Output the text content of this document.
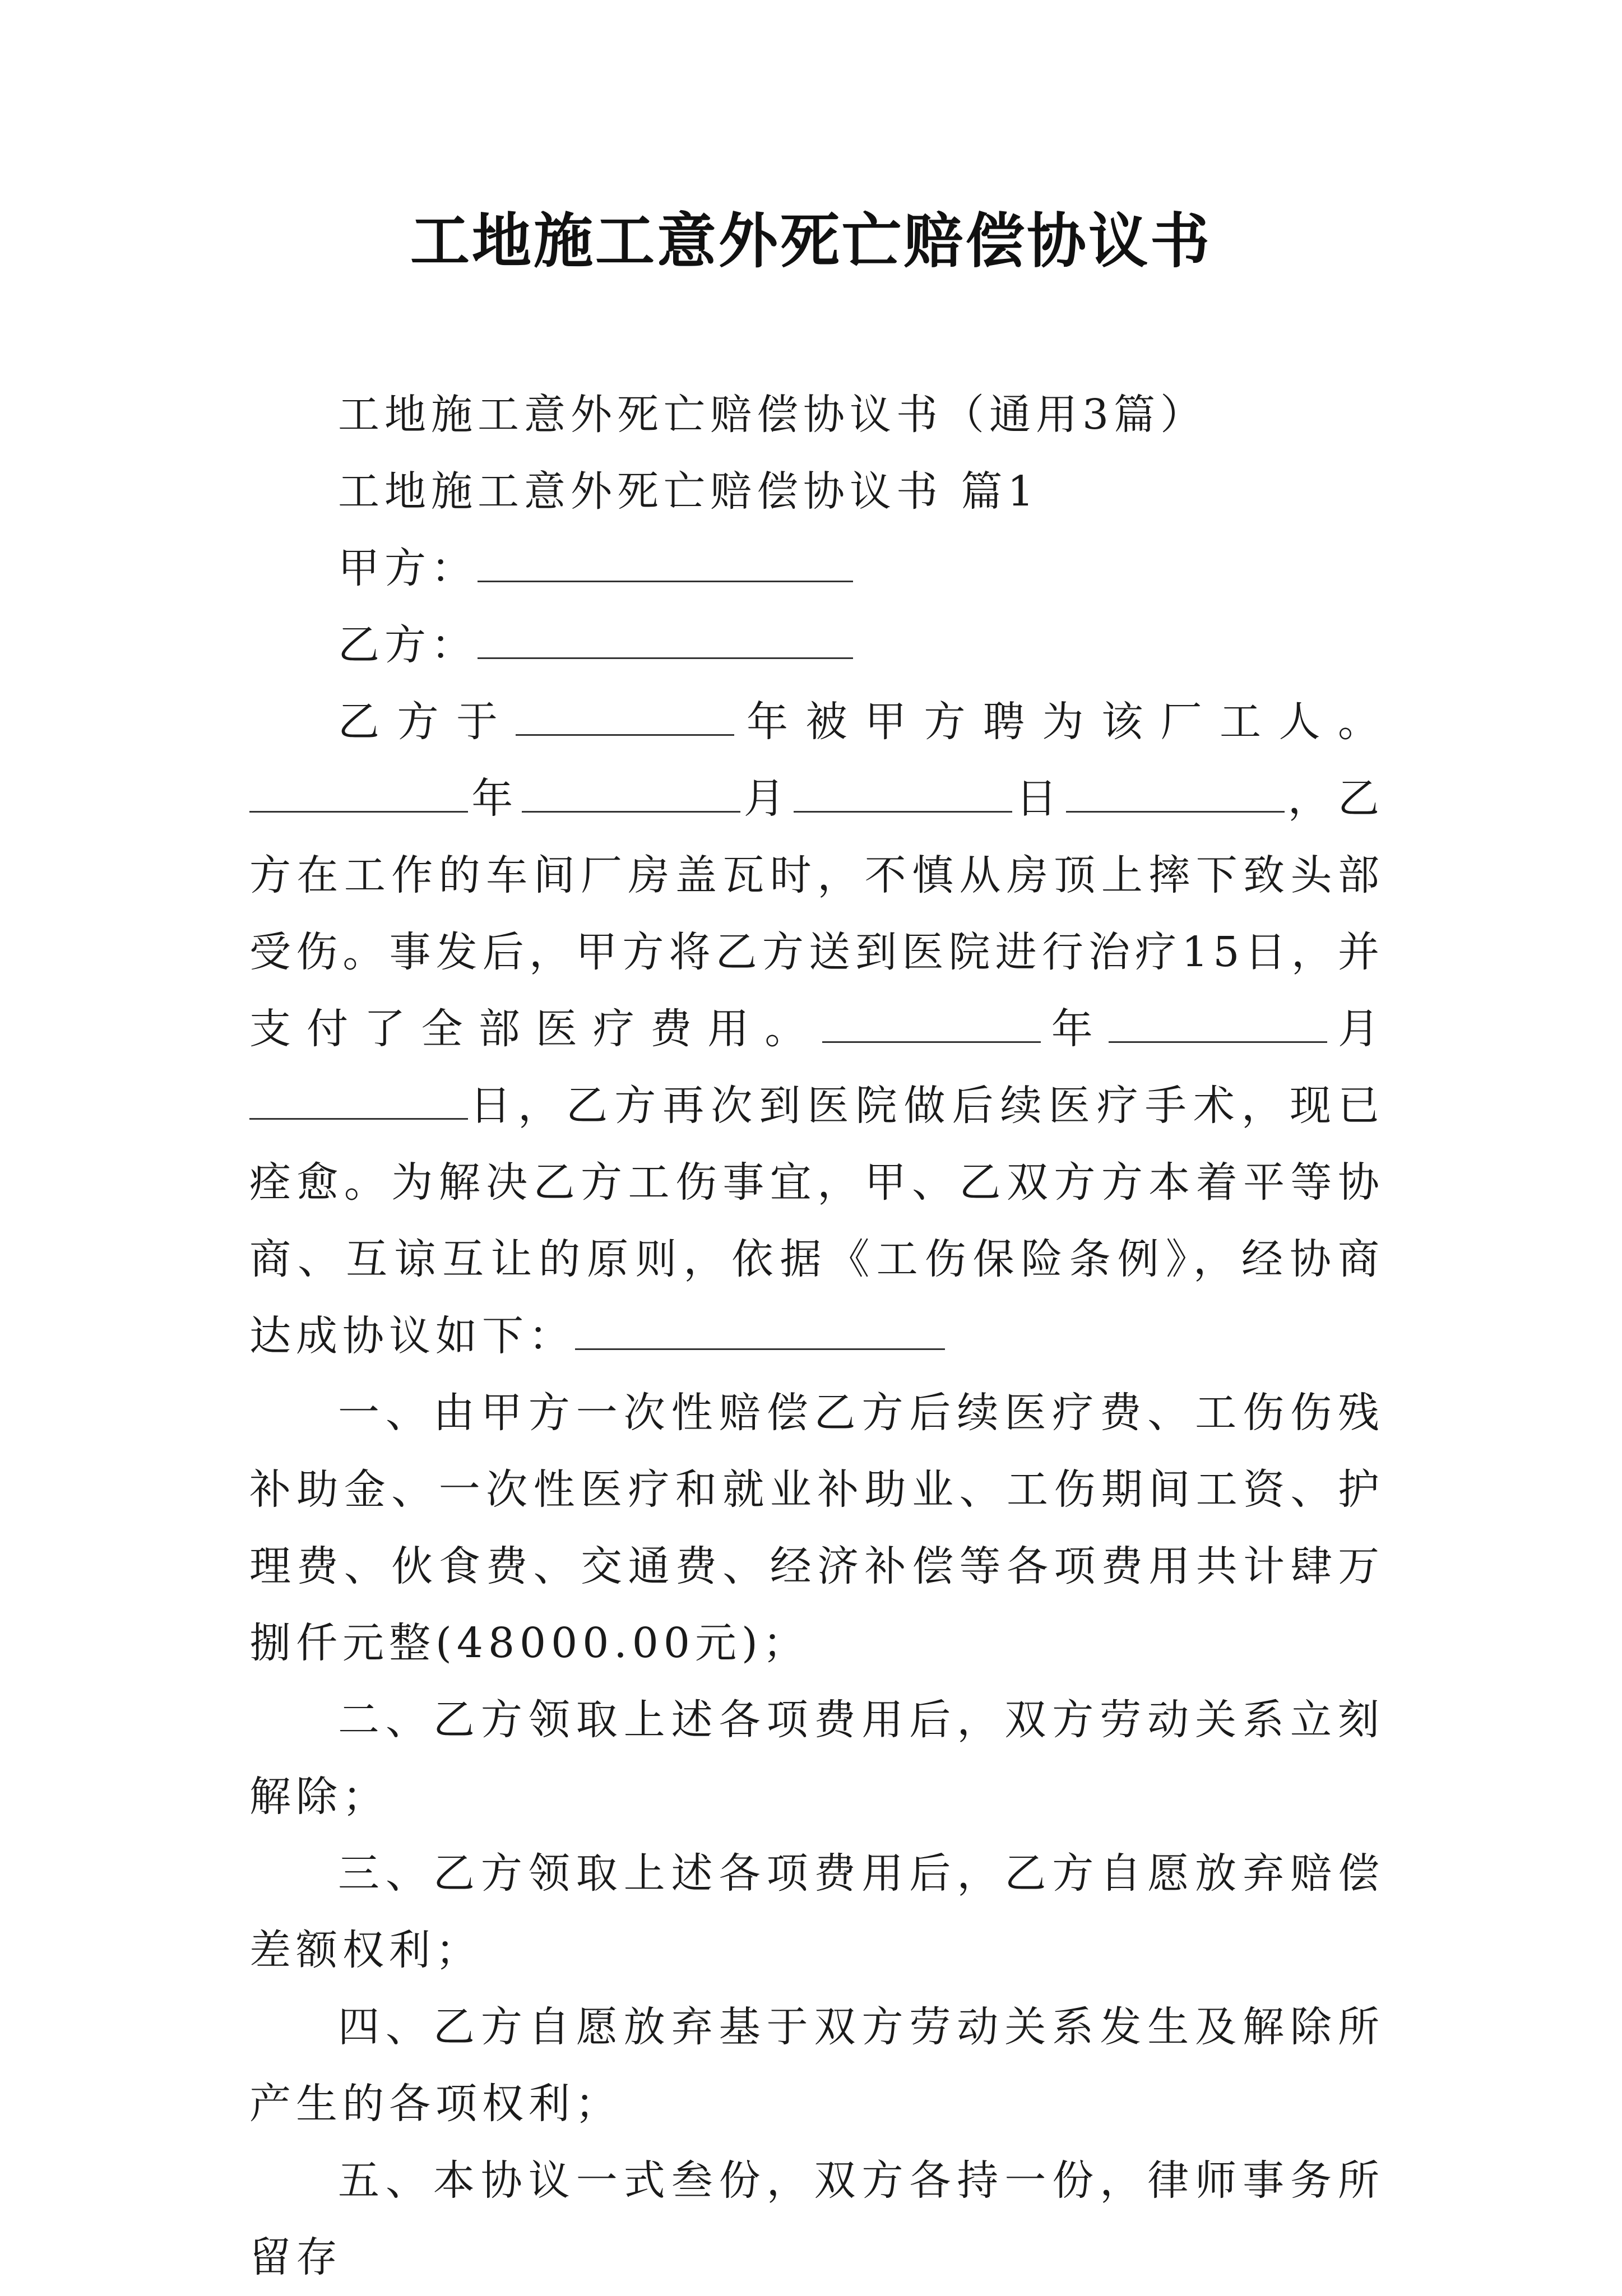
工地施工意外死亡赔偿协议书

工地施工意外死亡赔偿协议书（通用3篇）

工地施工意外死亡赔偿协议书 篇1

甲方：

乙方：

乙方于	年被甲方聘为该厂工人。年	月	日	，乙方在工作的车间厂房盖瓦时，不慎从房顶上摔下致头部受伤。事发后，甲方将乙方送到医院进行治疗15日，并支付了全部医疗费用。	年	月日，乙方再次到医院做后续医疗手术，现已痊愈。为解决乙方工伤事宜，甲、乙双方方本着平等协商、互谅互让的原则，依据《工伤保险条例》，经协商达成协议如下：

一、由甲方一次性赔偿乙方后续医疗费、工伤伤残补助金、一次性医疗和就业补助业、工伤期间工资、护理费、伙食费、交通费、经济补偿等各项费用共计肆万捌仟元整(48000.00元)；

二、乙方领取上述各项费用后，双方劳动关系立刻解除；

三、乙方领取上述各项费用后，乙方自愿放弃赔偿差额权利；

四、乙方自愿放弃基于双方劳动关系发生及解除所产生的各项权利；

五、本协议一式叁份，双方各持一份，律师事务所留存
